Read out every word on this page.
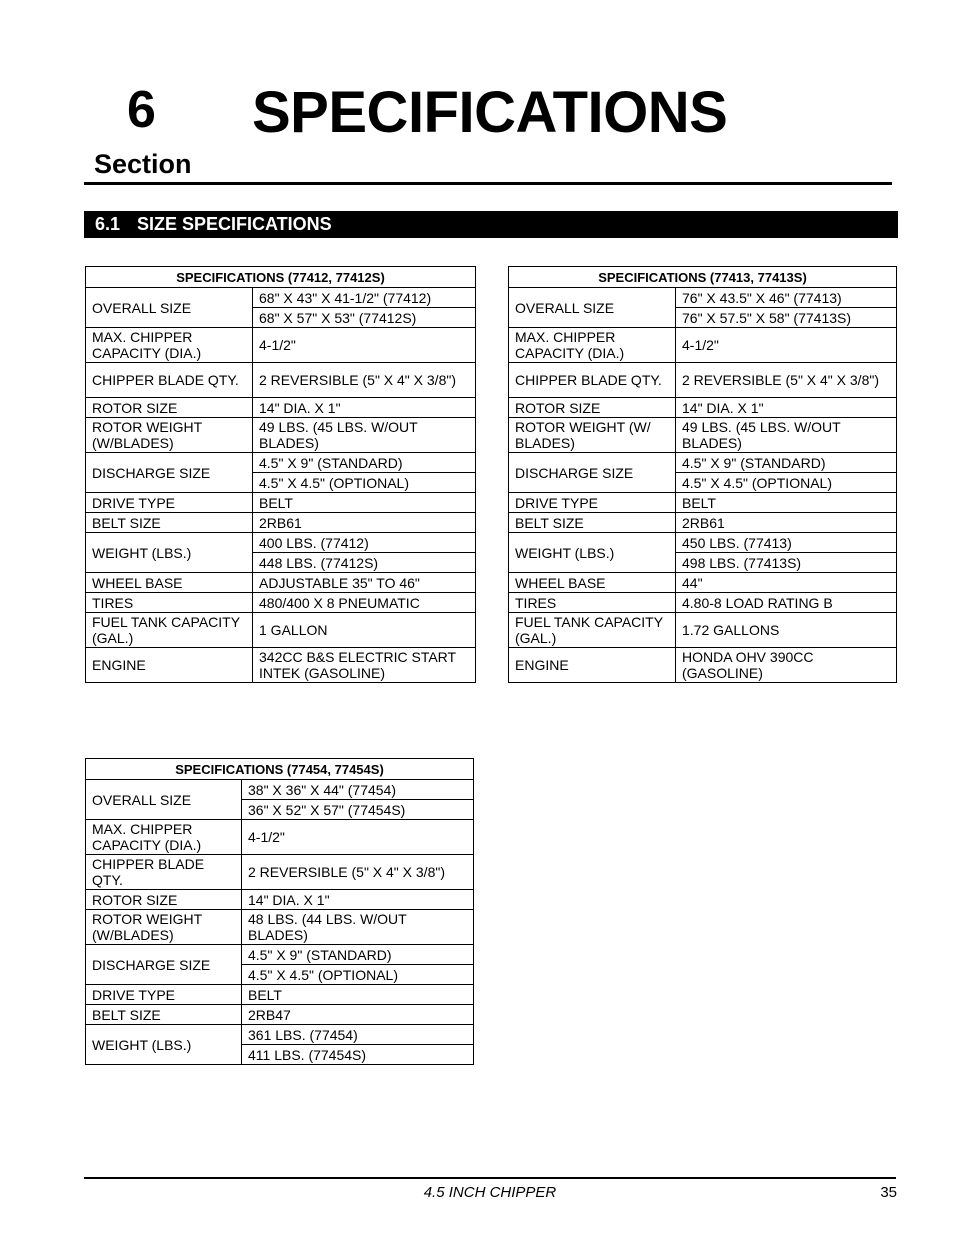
6 SPECIFICATIONS
Section
6.1 SIZE SPECIFICATIONS
SPECIFICATIONS (77412, 77412S)	
OVERALL SIZE	68" X 43" X 41-1/2" (77412)
	68" X 57" X 53" (77412S)
MAX. CHIPPER CAPACITY (DIA.)	4-1/2"
CHIPPER BLADE QTY.	2 REVERSIBLE (5" X 4" X 3/8")
ROTOR SIZE	14" DIA. X 1"
ROTOR WEIGHT (W/BLADES)	49 LBS. (45 LBS. W/OUT BLADES)
DISCHARGE SIZE	4.5" X 9" (STANDARD)
	4.5" X 4.5" (OPTIONAL)
DRIVE TYPE	BELT
BELT SIZE	2RB61
WEIGHT (LBS.)	400 LBS. (77412)
	448 LBS. (77412S)
WHEEL BASE	ADJUSTABLE 35" TO 46"
TIRES	480/400 X 8 PNEUMATIC
FUEL TANK CAPACITY (GAL.)	1 GALLON
ENGINE	342CC B&S ELECTRIC START INTEK (GASOLINE)
SPECIFICATIONS (77413, 77413S)	
OVERALL SIZE	76" X 43.5" X 46" (77413)
	76" X 57.5" X 58" (77413S)
MAX. CHIPPER CAPACITY (DIA.)	4-1/2"
CHIPPER BLADE QTY.	2 REVERSIBLE (5" X 4" X 3/8")
ROTOR SIZE	14" DIA. X 1"
ROTOR WEIGHT (W/ BLADES)	49 LBS. (45 LBS. W/OUT BLADES)
DISCHARGE SIZE	4.5" X 9" (STANDARD)
	4.5" X 4.5" (OPTIONAL)
DRIVE TYPE	BELT
BELT SIZE	2RB61
WEIGHT (LBS.)	450 LBS. (77413)
	498 LBS. (77413S)
WHEEL BASE	44"
TIRES	4.80-8 LOAD RATING B
FUEL TANK CAPACITY (GAL.)	1.72 GALLONS
ENGINE	HONDA OHV 390CC (GASOLINE)
SPECIFICATIONS (77454, 77454S)	
OVERALL SIZE	38" X 36" X 44" (77454)
	36" X 52" X 57" (77454S)
MAX. CHIPPER CAPACITY (DIA.)	4-1/2"
CHIPPER BLADE QTY.	2 REVERSIBLE (5" X 4" X 3/8")
ROTOR SIZE	14" DIA. X 1"
ROTOR WEIGHT (W/BLADES)	48 LBS. (44 LBS. W/OUT BLADES)
DISCHARGE SIZE	4.5" X 9" (STANDARD)
	4.5" X 4.5" (OPTIONAL)
DRIVE TYPE	BELT
BELT SIZE	2RB47
WEIGHT (LBS.)	361 LBS. (77454)
	411 LBS. (77454S)
4.5 INCH CHIPPER	35
